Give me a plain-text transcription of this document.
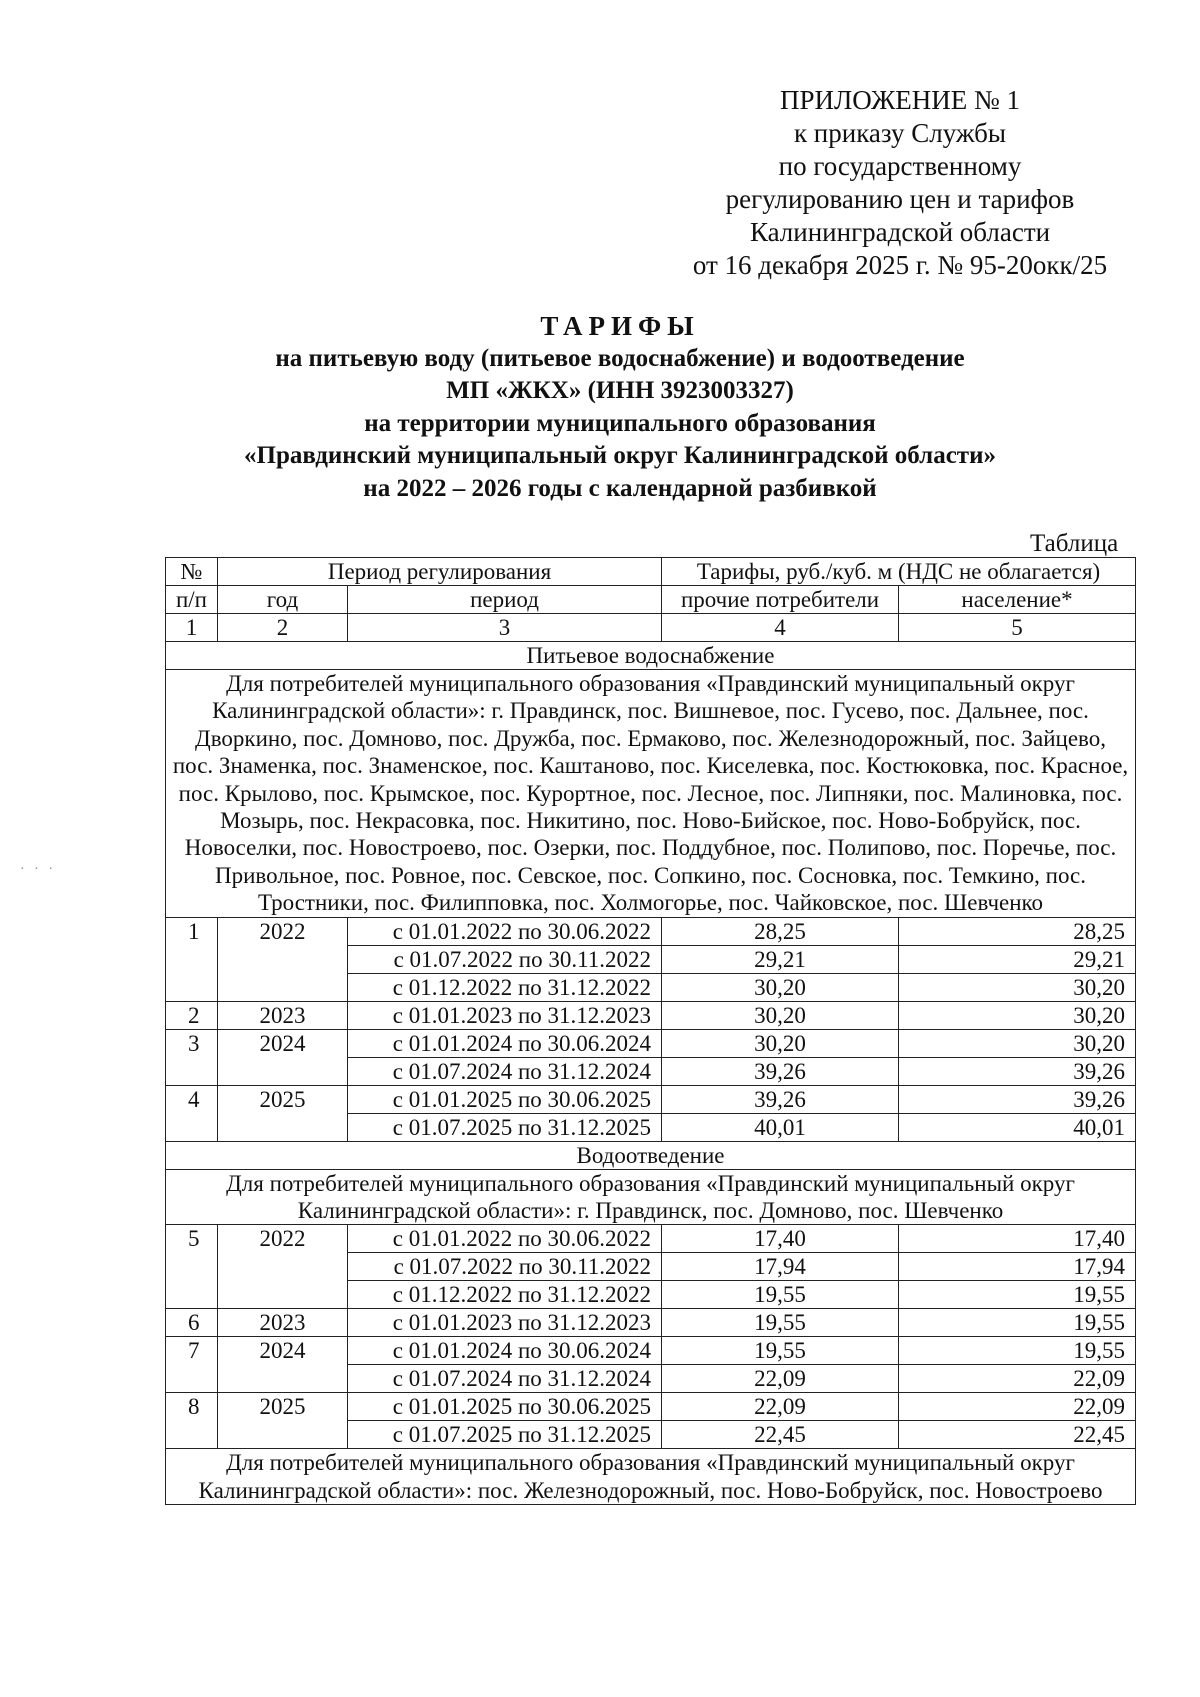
ПРИЛОЖЕНИЕ № 1
к приказу Службы
по государственному
регулированию цен и тарифов
Калининградской области
от 16 декабря 2025 г. № 95-20окк/25
ТАРИФЫ
на питьевую воду (питьевое водоснабжение) и водоотведение
МП «ЖКХ» (ИНН 3923003327)
на территории муниципального образования
«Правдинский муниципальный округ Калининградской области»
на 2022 – 2026 годы с календарной разбивкой
· · ·
Таблица
№	Период регулирования		Тарифы, руб./куб. м (НДС не облагается)	
п/п	год	период	прочие потребители	население*
1	2	3	4	5
Питьевое водоснабжение				
Для потребителей муниципального образования «Правдинский муниципальный округ Калининградской области»: г. Правдинск, пос. Вишневое, пос. Гусево, пос. Дальнее, пос. Дворкино, пос. Домново, пос. Дружба, пос. Ермаково, пос. Железнодорожный, пос. Зайцево, пос. Знаменка, пос. Знаменское, пос. Каштаново, пос. Киселевка, пос. Костюковка, пос. Красное, пос. Крылово, пос. Крымское, пос. Курортное, пос. Лесное, пос. Липняки, пос. Малиновка, пос. Мозырь, пос. Некрасовка, пос. Никитино, пос. Ново-Бийское, пос. Ново-Бобруйск, пос. Новоселки, пос. Новостроево, пос. Озерки, пос. Поддубное, пос. Полипово, пос. Поречье, пос. Привольное, пос. Ровное, пос. Севское, пос. Сопкино, пос. Сосновка, пос. Темкино, пос. Тростники, пос. Филипповка, пос. Холмогорье, пос. Чайковское, пос. Шевченко				
1	2022	с 01.01.2022 по 30.06.2022	28,25	28,25
		с 01.07.2022 по 30.11.2022	29,21	29,21
		с 01.12.2022 по 31.12.2022	30,20	30,20
2	2023	с 01.01.2023 по 31.12.2023	30,20	30,20
3	2024	с 01.01.2024 по 30.06.2024	30,20	30,20
		с 01.07.2024 по 31.12.2024	39,26	39,26
4	2025	с 01.01.2025 по 30.06.2025	39,26	39,26
		с 01.07.2025 по 31.12.2025	40,01	40,01
Водоотведение				
Для потребителей муниципального образования «Правдинский муниципальный округ Калининградской области»: г. Правдинск, пос. Домново, пос. Шевченко				
5	2022	с 01.01.2022 по 30.06.2022	17,40	17,40
		с 01.07.2022 по 30.11.2022	17,94	17,94
		с 01.12.2022 по 31.12.2022	19,55	19,55
6	2023	с 01.01.2023 по 31.12.2023	19,55	19,55
7	2024	с 01.01.2024 по 30.06.2024	19,55	19,55
		с 01.07.2024 по 31.12.2024	22,09	22,09
8	2025	с 01.01.2025 по 30.06.2025	22,09	22,09
		с 01.07.2025 по 31.12.2025	22,45	22,45
Для потребителей муниципального образования «Правдинский муниципальный округ Калининградской области»: пос. Железнодорожный, пос. Ново-Бобруйск, пос. Новостроево				
